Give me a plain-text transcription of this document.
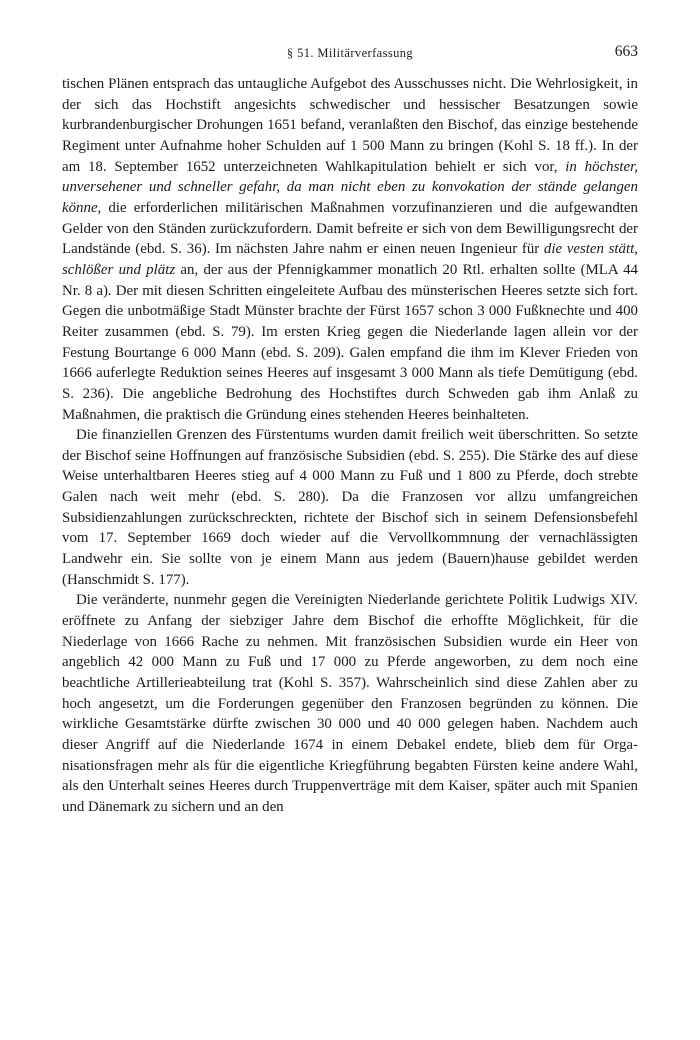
§ 51. Militärverfassung	663

tischen Plänen entsprach das untaugliche Aufgebot des Ausschusses nicht. Die Wehrlosigkeit, in der sich das Hochstift angesichts schwedischer und hessischer Besatzungen sowie kurbrandenburgischer Drohungen 1651 befand, veranlaßten den Bischof, das einzige bestehende Regiment unter Aufnahme hoher Schulden auf 1 500 Mann zu bringen (Kohl S. 18 ff.). In der am 18. September 1652 unterzeichneten Wahlkapitulation behielt er sich vor, in höchster, unversehener und schneller gefahr, da man nicht eben zu konvokation der stände gelangen könne, die erforderlichen militärischen Maßnahmen vorzufinanzieren und die aufgewandten Gelder von den Ständen zurückzufordern. Damit befreite er sich von dem Bewilligungsrecht der Landstände (ebd. S. 36). Im nächsten Jahre nahm er einen neuen Ingenieur für die vesten stätt, schlößer und plätz an, der aus der Pfennigkammer monatlich 20 Rtl. erhalten sollte (MLA 44 Nr. 8 a). Der mit diesen Schritten eingeleitete Aufbau des münsterischen Heeres setzte sich fort. Gegen die unbotmäßige Stadt Münster brachte der Fürst 1657 schon 3 000 Fußknechte und 400 Reiter zusammen (ebd. S. 79). Im ersten Krieg gegen die Niederlande lagen allein vor der Festung Bourtange 6 000 Mann (ebd. S. 209). Galen empfand die ihm im Klever Frieden von 1666 auferlegte Reduktion seines Heeres auf insgesamt 3 000 Mann als tiefe Demütigung (ebd. S. 236). Die angebliche Bedrohung des Hochstiftes durch Schweden gab ihm Anlaß zu Maßnahmen, die praktisch die Gründung eines stehenden Heeres beinhalteten.

Die finanziellen Grenzen des Fürstentums wurden damit freilich weit überschritten. So setzte der Bischof seine Hoffnungen auf französische Subsidien (ebd. S. 255). Die Stärke des auf diese Weise unterhaltbaren Heeres stieg auf 4 000 Mann zu Fuß und 1 800 zu Pferde, doch strebte Galen nach weit mehr (ebd. S. 280). Da die Franzosen vor allzu umfangreichen Subsidienzahlungen zurückschreckten, richtete der Bischof sich in seinem Defensionsbefehl vom 17. September 1669 doch wieder auf die Vervollkommnung der vernachlässigten Landwehr ein. Sie sollte von je einem Mann aus jedem (Bauern)hause gebildet werden (Hanschmidt S. 177).

Die veränderte, nunmehr gegen die Vereinigten Niederlande gerichtete Politik Ludwigs XIV. eröffnete zu Anfang der siebziger Jahre dem Bischof die erhoffte Möglichkeit, für die Niederlage von 1666 Rache zu nehmen. Mit französischen Subsidien wurde ein Heer von angeblich 42 000 Mann zu Fuß und 17 000 zu Pferde angeworben, zu dem noch eine beachtliche Artillerieabteilung trat (Kohl S. 357). Wahrscheinlich sind diese Zahlen aber zu hoch angesetzt, um die Forderungen gegenüber den Franzosen begründen zu können. Die wirkliche Gesamtstärke dürfte zwischen 30 000 und 40 000 gelegen haben. Nachdem auch dieser Angriff auf die Niederlande 1674 in einem Debakel endete, blieb dem für Organisationsfragen mehr als für die eigentliche Kriegführung begabten Fürsten keine andere Wahl, als den Unterhalt seines Heeres durch Truppenverträge mit dem Kaiser, später auch mit Spanien und Dänemark zu sichern und an den
